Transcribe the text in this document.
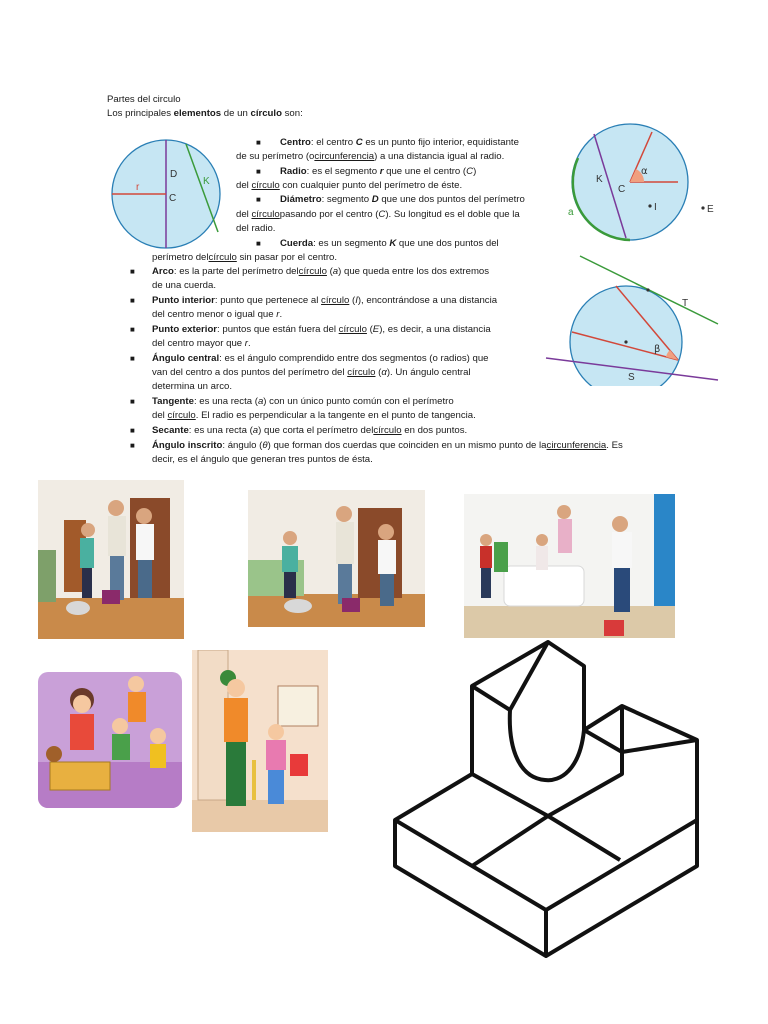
Partes del circulo
Los principales elementos de un círculo son:
■ Centro: el centro C es un punto fijo interior, equidistante
de su perímetro (ocircunferencia) a una distancia igual al radio.
■ Radio: es el segmento r que une el centro (C)
del círculo con cualquier punto del perímetro de éste.
■ Diámetro: segmento D que une dos puntos del perímetro
del círculopasando por el centro (C). Su longitud es el doble que la
del radio.
■ Cuerda: es un segmento K que une dos puntos del
perímetro delcírculo sin pasar por el centro.
■ Arco: es la parte del perímetro delcírculo (a) que queda entre los dos extremos
de una cuerda.
■ Punto interior: punto que pertenece al círculo (I), encontrándose a una distancia
del centro menor o igual que r.
■ Punto exterior: puntos que están fuera del círculo (E), es decir, a una distancia
del centro mayor que r.
■ Ángulo central: es el ángulo comprendido entre dos segmentos (o radios) que
van del centro a dos puntos del perímetro del círculo (α). Un ángulo central
determina un arco.
■ Tangente: es una recta (a) con un único punto común con el perímetro
del círculo. El radio es perpendicular a la tangente en el punto de tangencia.
■ Secante: es una recta (a) que corta el perímetro delcírculo en dos puntos.
■ Ángulo inscrito: ángulo (θ) que forman dos cuerdas que coinciden en un mismo punto de lacircunferencia. Es
decir, es el ángulo que generan tres puntos de ésta.
D
C
r
K
α
C
K
I	E
a
T
β
S
